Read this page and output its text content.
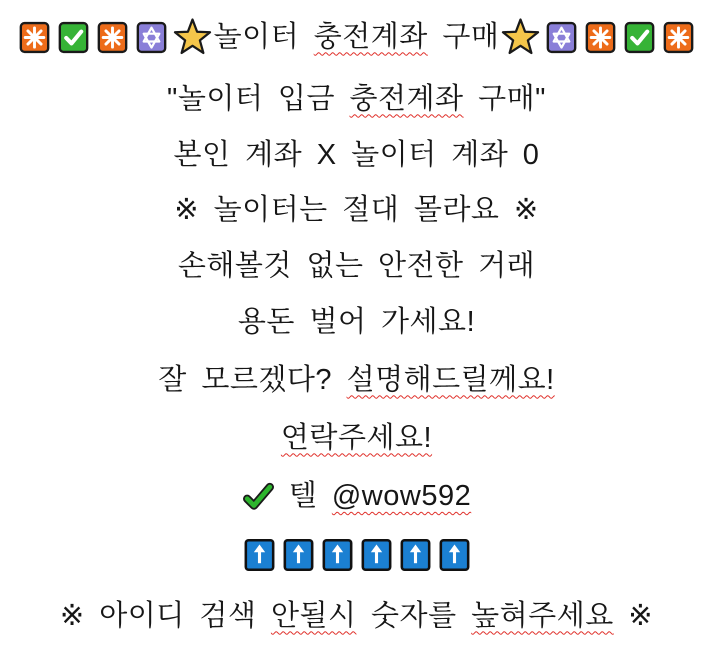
놀이터 충전계좌 구매
"놀이터 입금 충전계좌 구매"
본인 계좌 X 놀이터 계좌 0
※ 놀이터는 절대 몰라요 ※
손해볼것 없는 안전한 거래
용돈 벌어 가세요!
잘 모르겠다? 설명해드릴께요!
연락주세요!
텔 @wow592
※ 아이디 검색 안될시 숫자를 높혀주세요 ※
